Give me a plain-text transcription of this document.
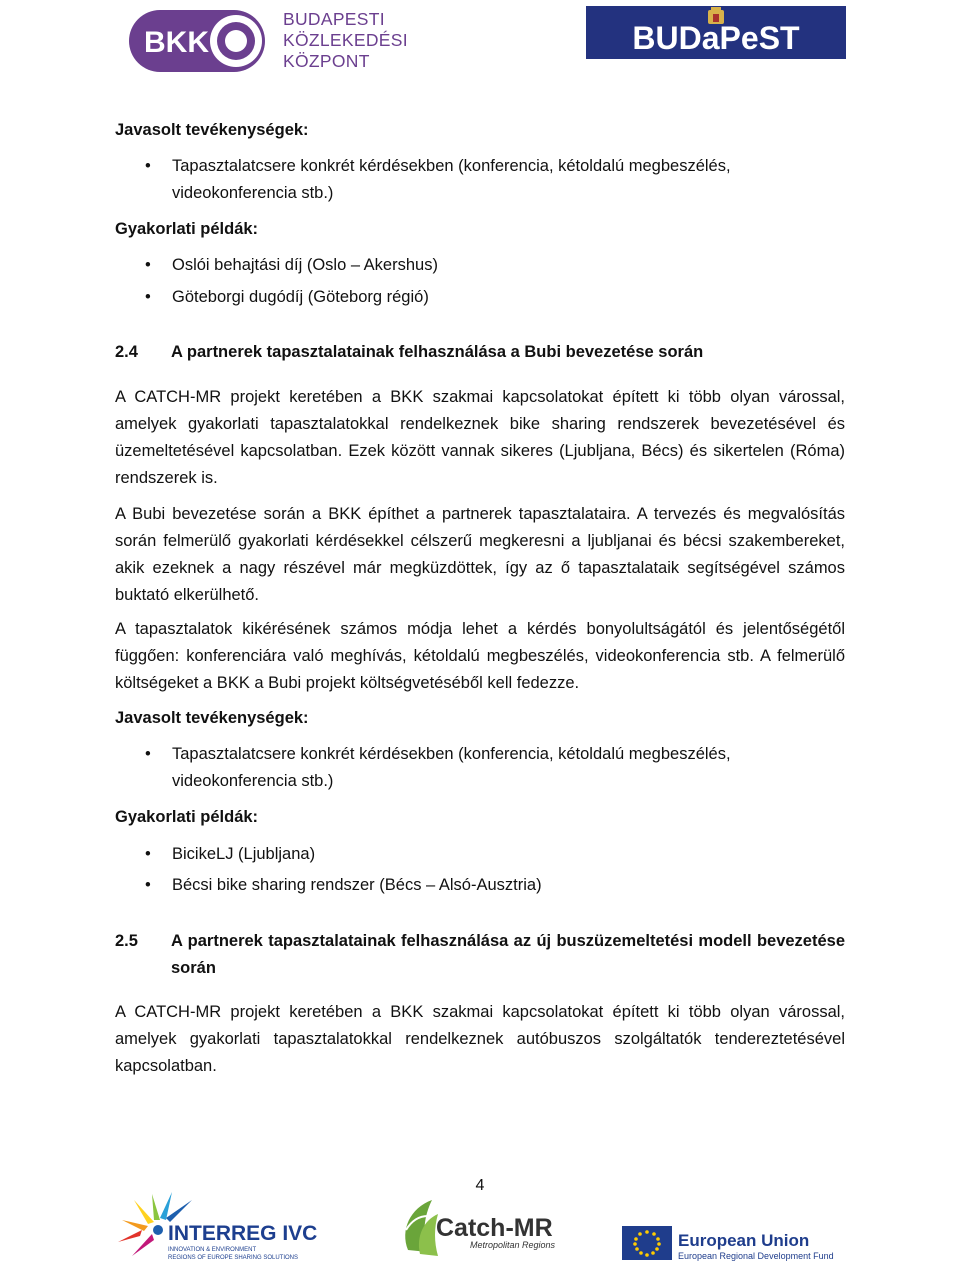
BKK
BUDAPESTI
KÖZLEKEDÉSI
KÖZPONT
BUDaPeST
Javasolt tevékenységek:
• Tapasztalatcsere konkrét kérdésekben (konferencia, kétoldalú megbeszélés,
videokonferencia stb.)
Gyakorlati példák:
• Oslói behajtási díj (Oslo – Akershus)
• Göteborgi dugódíj (Göteborg régió)
2.4 A partnerek tapasztalatainak felhasználása a Bubi bevezetése során

A CATCH-MR projekt keretében a BKK szakmai kapcsolatokat épített ki több olyan várossal, amelyek gyakorlati tapasztalatokkal rendelkeznek bike sharing rendszerek bevezetésével és üzemeltetésével kapcsolatban. Ezek között vannak sikeres (Ljubljana, Bécs) és sikertelen (Róma) rendszerek is.

A Bubi bevezetése során a BKK építhet a partnerek tapasztalataira. A tervezés és megvalósítás során felmerülő gyakorlati kérdésekkel célszerű megkeresni a ljubljanai és bécsi szakembereket, akik ezeknek a nagy részével már megküzdöttek, így az ő tapasztalataik segítségével számos buktató elkerülhető.

A tapasztalatok kikérésének számos módja lehet a kérdés bonyolultságától és jelentőségétől függően: konferenciára való meghívás, kétoldalú megbeszélés, videokonferencia stb. A felmerülő költségeket a BKK a Bubi projekt költségvetéséből kell fedezze.

Javasolt tevékenységek:
• Tapasztalatcsere konkrét kérdésekben (konferencia, kétoldalú megbeszélés,
videokonferencia stb.)
Gyakorlati példák:
• BicikeLJ (Ljubljana)
• Bécsi bike sharing rendszer (Bécs – Alsó-Ausztria)
2.5 A partnerek tapasztalatainak felhasználása az új buszüzemeltetési modell bevezetése során

A CATCH-MR projekt keretében a BKK szakmai kapcsolatokat épített ki több olyan várossal, amelyek gyakorlati tapasztalatokkal rendelkeznek autóbuszos szolgáltatók tendereztetésével kapcsolatban.

4
INTERREG IVC
INNOVATION & ENVIRONMENT
REGIONS OF EUROPE SHARING SOLUTIONS
Catch-MR
Metropolitan Regions	European Union
European Regional Development Fund
